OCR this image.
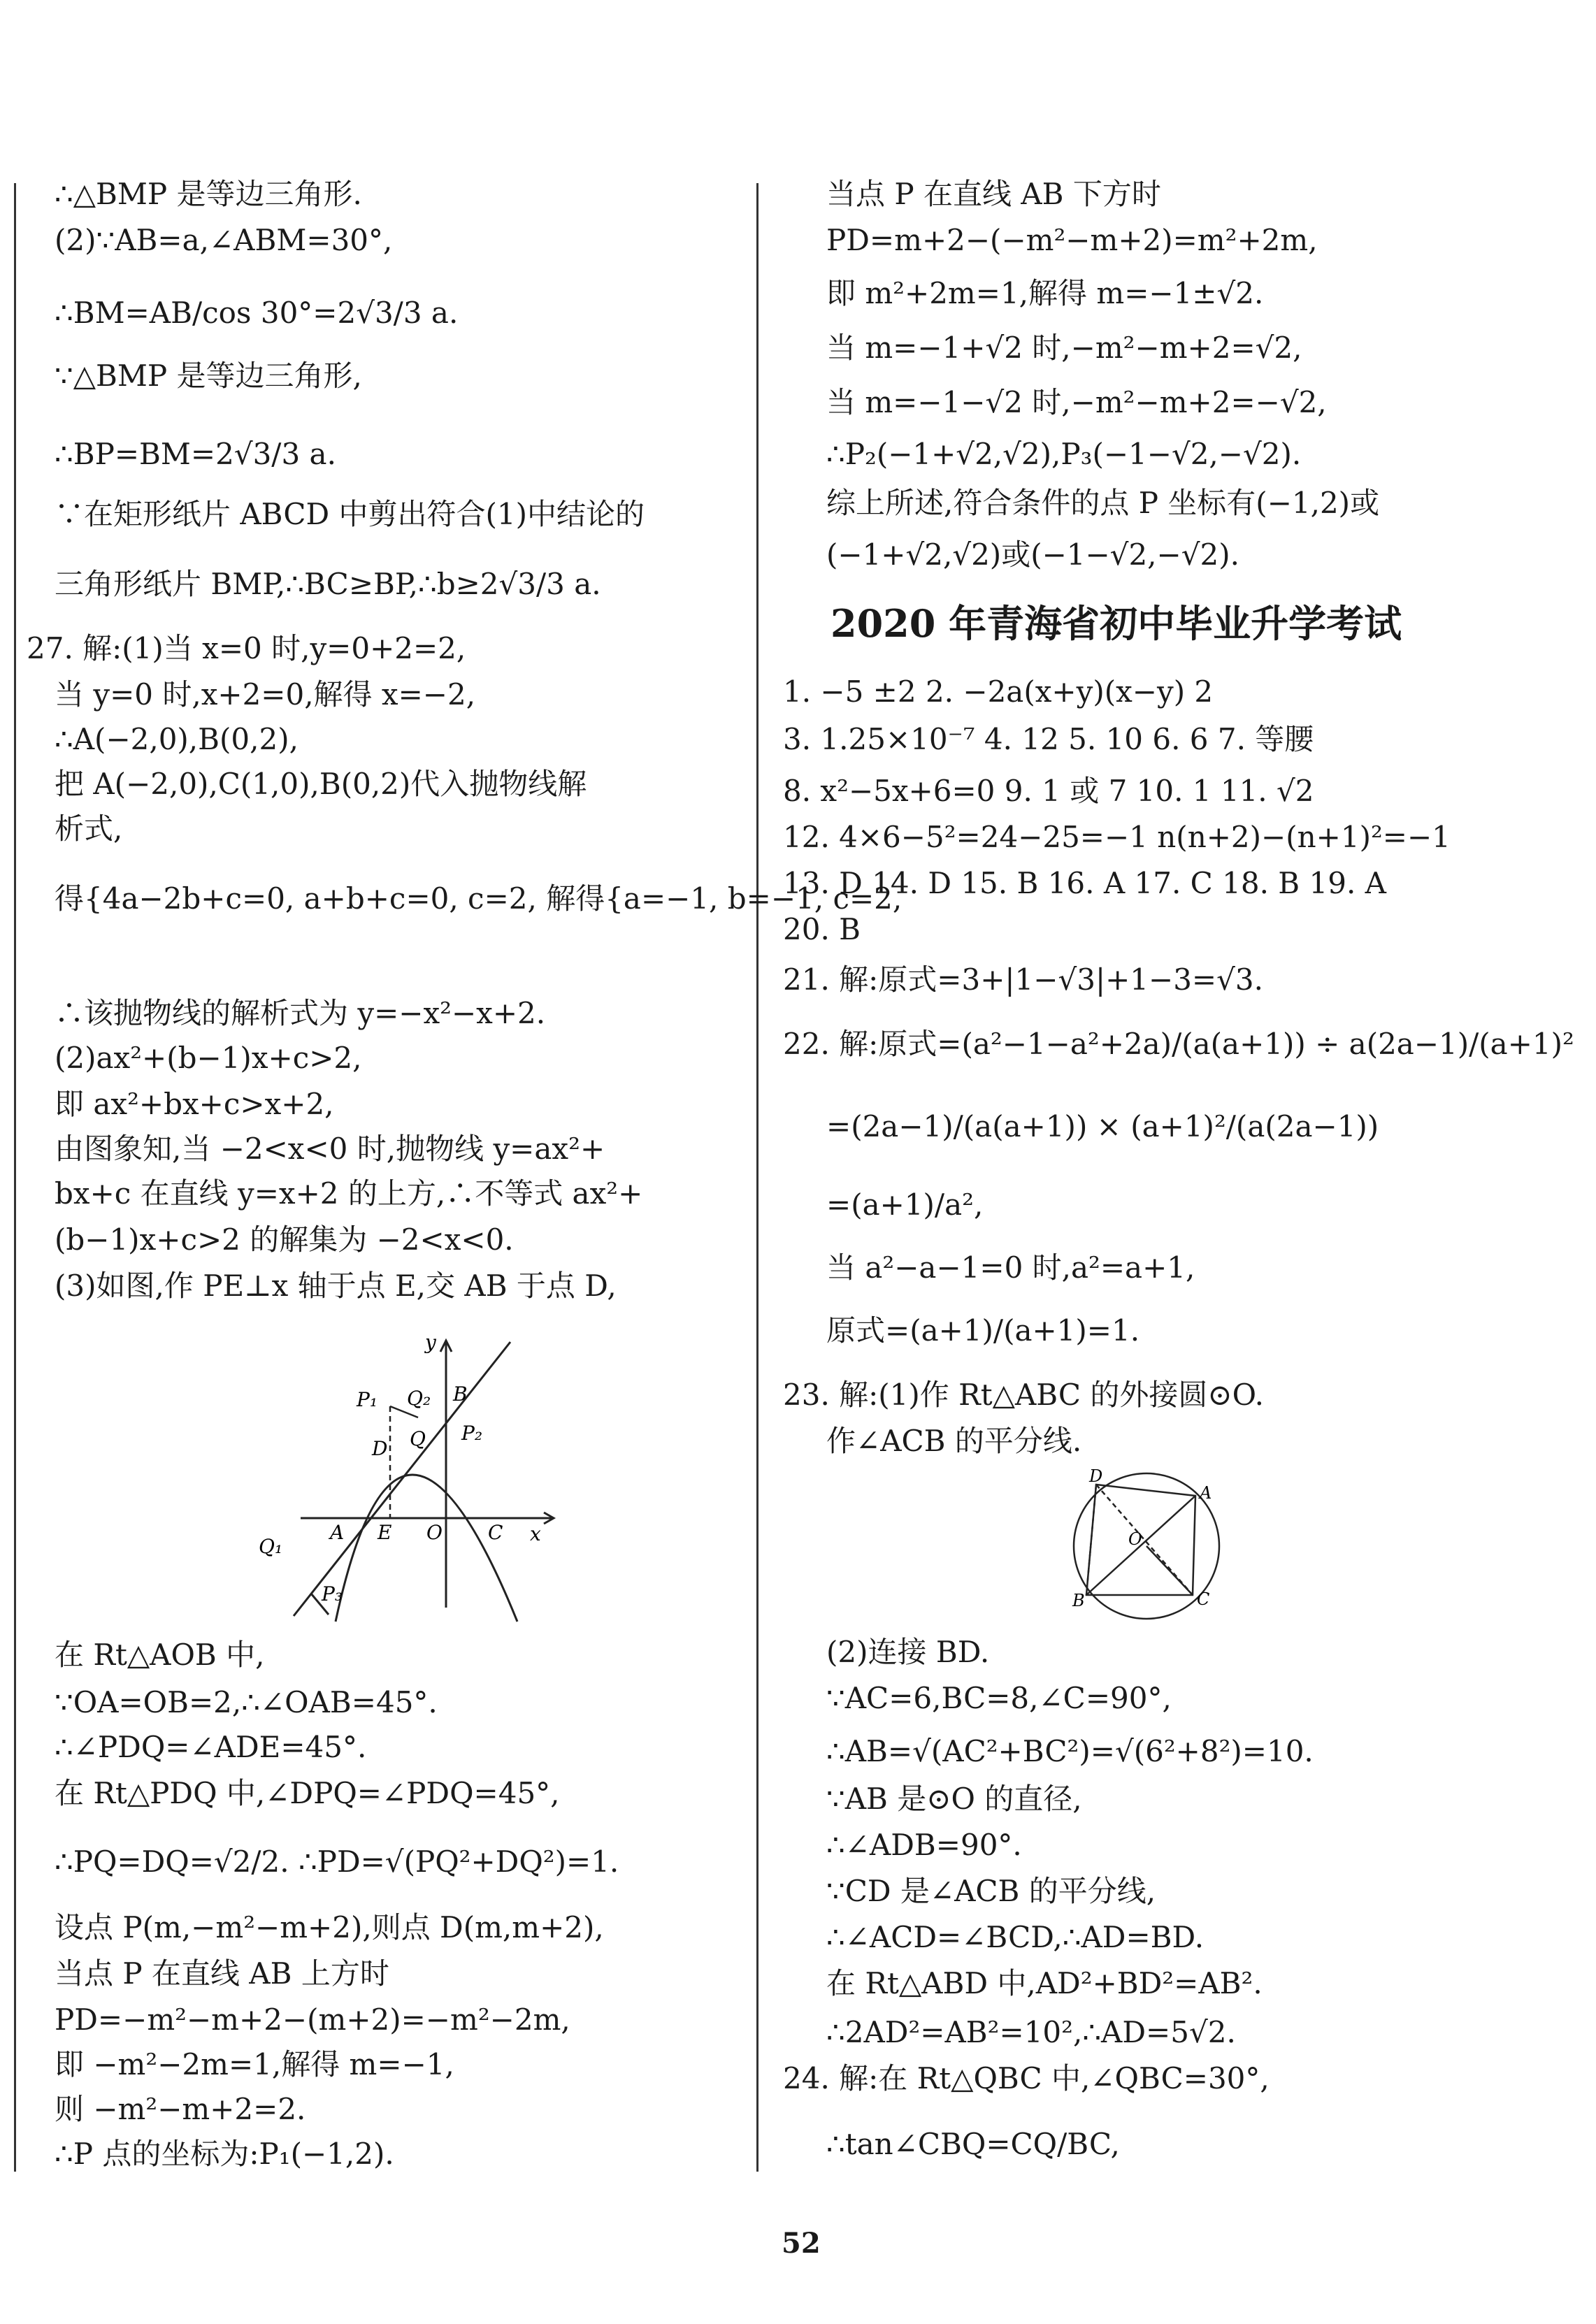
∴△BMP 是等边三角形.
(2)∵AB=a,∠ABM=30°,
∴BM=AB/cos 30°=2√3/3 a.
∵△BMP 是等边三角形,
∴BP=BM=2√3/3 a.
∵在矩形纸片 ABCD 中剪出符合(1)中结论的
三角形纸片 BMP,∴BC≥BP,∴b≥2√3/3 a.
27. 解:(1)当 x=0 时,y=0+2=2,
当 y=0 时,x+2=0,解得 x=−2,
∴A(−2,0),B(0,2),
把 A(−2,0),C(1,0),B(0,2)代入抛物线解
析式,
得{4a−2b+c=0, a+b+c=0, c=2, 解得{a=−1, b=−1, c=2,
∴该抛物线的解析式为 y=−x²−x+2.
(2)ax²+(b−1)x+c>2,
即 ax²+bx+c>x+2,
由图象知,当 −2<x<0 时,抛物线 y=ax²+
bx+c 在直线 y=x+2 的上方,∴不等式 ax²+
(b−1)x+c>2 的解集为 −2<x<0.
(3)如图,作 PE⊥x 轴于点 E,交 AB 于点 D,
y
P₁ Q₂ B
P₂
D Q
Q₁
A E O C x
P₃
在 Rt△AOB 中,
∵OA=OB=2,∴∠OAB=45°.
∴∠PDQ=∠ADE=45°.
在 Rt△PDQ 中,∠DPQ=∠PDQ=45°,
∴PQ=DQ=√2/2. ∴PD=√(PQ²+DQ²)=1.
设点 P(m,−m²−m+2),则点 D(m,m+2),
当点 P 在直线 AB 上方时
PD=−m²−m+2−(m+2)=−m²−2m,
即 −m²−2m=1,解得 m=−1,
则 −m²−m+2=2.
∴P 点的坐标为:P₁(−1,2).
当点 P 在直线 AB 下方时
PD=m+2−(−m²−m+2)=m²+2m,
即 m²+2m=1,解得 m=−1±√2.
当 m=−1+√2 时,−m²−m+2=√2,
当 m=−1−√2 时,−m²−m+2=−√2,
∴P₂(−1+√2,√2),P₃(−1−√2,−√2).
综上所述,符合条件的点 P 坐标有(−1,2)或
(−1+√2,√2)或(−1−√2,−√2).
2020 年青海省初中毕业升学考试
1. −5 ±2 2. −2a(x+y)(x−y) 2
3. 1.25×10⁻⁷ 4. 12 5. 10 6. 6 7. 等腰
8. x²−5x+6=0 9. 1 或 7 10. 1 11. √2
12. 4×6−5²=24−25=−1 n(n+2)−(n+1)²=−1
13. D 14. D 15. B 16. A 17. C 18. B 19. A
20. B
21. 解:原式=3+|1−√3|+1−3=√3.
22. 解:原式=(a²−1−a²+2a)/(a(a+1)) ÷ a(2a−1)/(a+1)²
=(2a−1)/(a(a+1)) × (a+1)²/(a(2a−1))
=(a+1)/a²,
当 a²−a−1=0 时,a²=a+1,
原式=(a+1)/(a+1)=1.
23. 解:(1)作 Rt△ABC 的外接圆⊙O.
作∠ACB 的平分线.
D
A
O
B	C
(2)连接 BD.
∵AC=6,BC=8,∠C=90°,
∴AB=√(AC²+BC²)=√(6²+8²)=10.
∵AB 是⊙O 的直径,
∴∠ADB=90°.
∵CD 是∠ACB 的平分线,
∴∠ACD=∠BCD,∴AD=BD.
在 Rt△ABD 中,AD²+BD²=AB².
∴2AD²=AB²=10²,∴AD=5√2.
24. 解:在 Rt△QBC 中,∠QBC=30°,
∴tan∠CBQ=CQ/BC,
52
